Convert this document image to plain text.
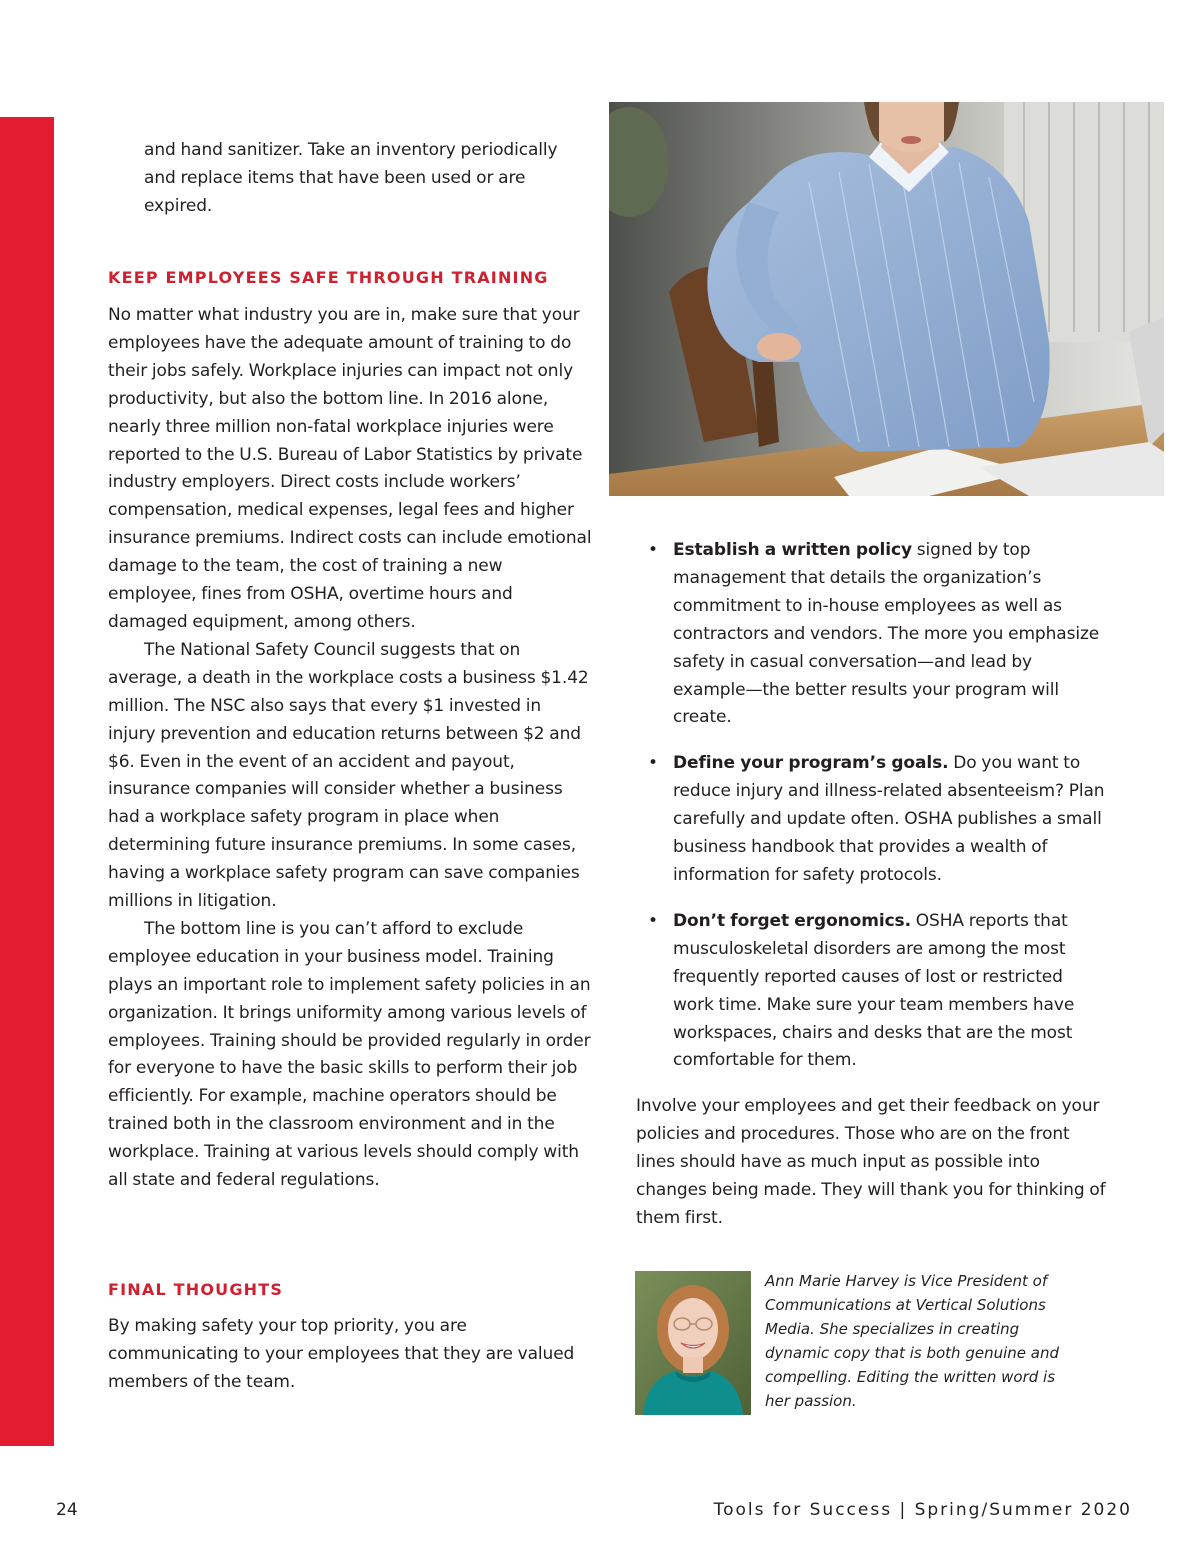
and hand sanitizer. Take an inventory periodically and replace items that have been used or are expired.

KEEP EMPLOYEES SAFE THROUGH TRAINING

No matter what industry you are in, make sure that your employees have the adequate amount of training to do their jobs safely. Workplace injuries can impact not only productivity, but also the bottom line. In 2016 alone, nearly three million non-fatal workplace injuries were reported to the U.S. Bureau of Labor Statistics by private industry employers. Direct costs include workers’ compensation, medical expenses, legal fees and higher insurance premiums. Indirect costs can include emotional damage to the team, the cost of training a new employee, fines from OSHA, overtime hours and damaged equipment, among others.

The National Safety Council suggests that on average, a death in the workplace costs a business $1.42 million. The NSC also says that every $1 invested in injury prevention and education returns between $2 and $6. Even in the event of an accident and payout, insurance companies will consider whether a business had a workplace safety program in place when determining future insurance premiums. In some cases, having a workplace safety program can save companies millions in litigation.

The bottom line is you can’t afford to exclude employee education in your business model. Training plays an important role to implement safety policies in an organization. It brings uniformity among various levels of employees. Training should be provided regularly in order for everyone to have the basic skills to perform their job efficiently. For example, machine operators should be trained both in the classroom environment and in the workplace. Training at various levels should comply with all state and federal regulations.

FINAL THOUGHTS

By making safety your top priority, you are communicating to your employees that they are valued members of the team.

• Establish a written policy signed by top management that details the organization’s commitment to in-house employees as well as contractors and vendors. The more you emphasize safety in casual conversation—and lead by example—the better results your program will create.

• Define your program’s goals. Do you want to reduce injury and illness-related absenteeism? Plan carefully and update often. OSHA publishes a small business handbook that provides a wealth of information for safety protocols.

• Don’t forget ergonomics. OSHA reports that musculoskeletal disorders are among the most frequently reported causes of lost or restricted work time. Make sure your team members have workspaces, chairs and desks that are the most comfortable for them.

Involve your employees and get their feedback on your policies and procedures. Those who are on the front lines should have as much input as possible into changes being made. They will thank you for thinking of them first.

Ann Marie Harvey is Vice President of Communications at Vertical Solutions Media. She specializes in creating dynamic copy that is both genuine and compelling. Editing the written word is her passion.

24	Tools for Success | Spring/Summer 2020
